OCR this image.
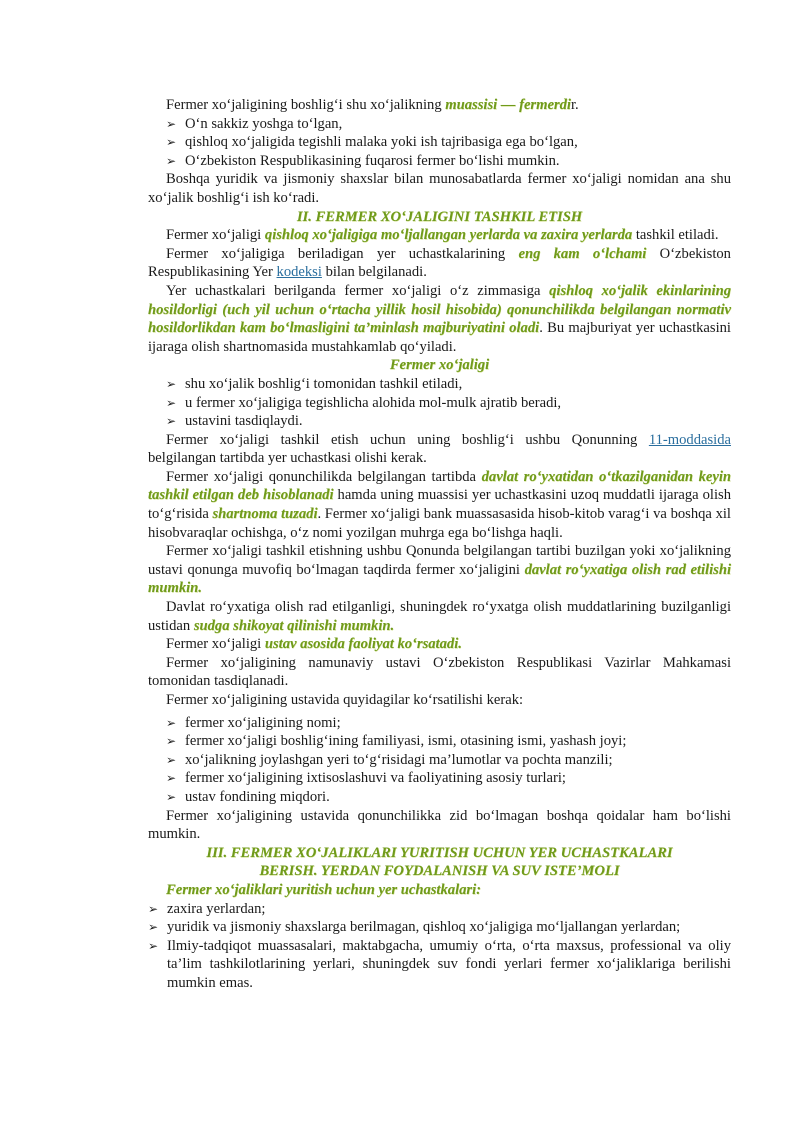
Fermer xo‘jaligining boshlig‘i shu xo‘jalikning muassisi — fermerdir.

➢ O‘n sakkiz yoshga to‘lgan,
➢ qishloq xo‘jaligida tegishli malaka yoki ish tajribasiga ega bo‘lgan,
➢ O‘zbekiston Respublikasining fuqarosi fermer bo‘lishi mumkin.

Boshqa yuridik va jismoniy shaxslar bilan munosabatlarda fermer xo‘jaligi nomidan ana shu xo‘jalik boshlig‘i ish ko‘radi.

II. FERMER XO‘JALIGINI TASHKIL ETISH

Fermer xo‘jaligi qishloq xo‘jaligiga mo‘ljallangan yerlarda va zaxira yerlarda tashkil etiladi.

Fermer xo‘jaligiga beriladigan yer uchastkalarining eng kam o‘lchami O‘zbekiston Respublikasining Yer kodeksi bilan belgilanadi.

Yer uchastkalari berilganda fermer xo‘jaligi o‘z zimmasiga qishloq xo‘jalik ekinlarining hosildorligi (uch yil uchun o‘rtacha yillik hosil hisobida) qonunchilikda belgilangan normativ hosildorlikdan kam bo‘lmasligini ta’minlash majburiyatini oladi. Bu majburiyat yer uchastkasini ijaraga olish shartnomasida mustahkamlab qo‘yiladi.

Fermer xo‘jaligi

➢ shu xo‘jalik boshlig‘i tomonidan tashkil etiladi,
➢ u fermer xo‘jaligiga tegishlicha alohida mol-mulk ajratib beradi,
➢ ustavini tasdiqlaydi.

Fermer xo‘jaligi tashkil etish uchun uning boshlig‘i ushbu Qonunning 11-moddasida belgilangan tartibda yer uchastkasi olishi kerak.

Fermer xo‘jaligi qonunchilikda belgilangan tartibda davlat ro‘yxatidan o‘tkazilganidan keyin tashkil etilgan deb hisoblanadi hamda uning muassisi yer uchastkasini uzoq muddatli ijaraga olish to‘g‘risida shartnoma tuzadi. Fermer xo‘jaligi bank muassasasida hisob-kitob varag‘i va boshqa xil hisobvaraqlar ochishga, o‘z nomi yozilgan muhrga ega bo‘lishga haqli.

Fermer xo‘jaligi tashkil etishning ushbu Qonunda belgilangan tartibi buzilgan yoki xo‘jalikning ustavi qonunga muvofiq bo‘lmagan taqdirda fermer xo‘jaligini davlat ro‘yxatiga olish rad etilishi mumkin.

Davlat ro‘yxatiga olish rad etilganligi, shuningdek ro‘yxatga olish muddatlarining buzilganligi ustidan sudga shikoyat qilinishi mumkin.

Fermer xo‘jaligi ustav asosida faoliyat ko‘rsatadi.

Fermer xo‘jaligining namunaviy ustavi O‘zbekiston Respublikasi Vazirlar Mahkamasi tomonidan tasdiqlanadi.

Fermer xo‘jaligining ustavida quyidagilar ko‘rsatilishi kerak:

➢ fermer xo‘jaligining nomi;
➢ fermer xo‘jaligi boshlig‘ining familiyasi, ismi, otasining ismi, yashash joyi;
➢ xo‘jalikning joylashgan yeri to‘g‘risidagi ma’lumotlar va pochta manzili;
➢ fermer xo‘jaligining ixtisoslashuvi va faoliyatining asosiy turlari;
➢ ustav fondining miqdori.

Fermer xo‘jaligining ustavida qonunchilikka zid bo‘lmagan boshqa qoidalar ham bo‘lishi mumkin.

III. FERMER XO‘JALIKLARI YURITISH UCHUN YER UCHASTKALARI
BERISH. YERDAN FOYDALANISH VA SUV ISTE’MOLI

Fermer xo‘jaliklari yuritish uchun yer uchastkalari:

➢ zaxira yerlardan;
➢ yuridik va jismoniy shaxslarga berilmagan, qishloq xo‘jaligiga mo‘ljallangan yerlardan;
➢ Ilmiy-tadqiqot muassasalari, maktabgacha, umumiy o‘rta, o‘rta maxsus, professional va oliy ta’lim tashkilotlarining yerlari, shuningdek suv fondi yerlari fermer xo‘jaliklariga berilishi mumkin emas.
